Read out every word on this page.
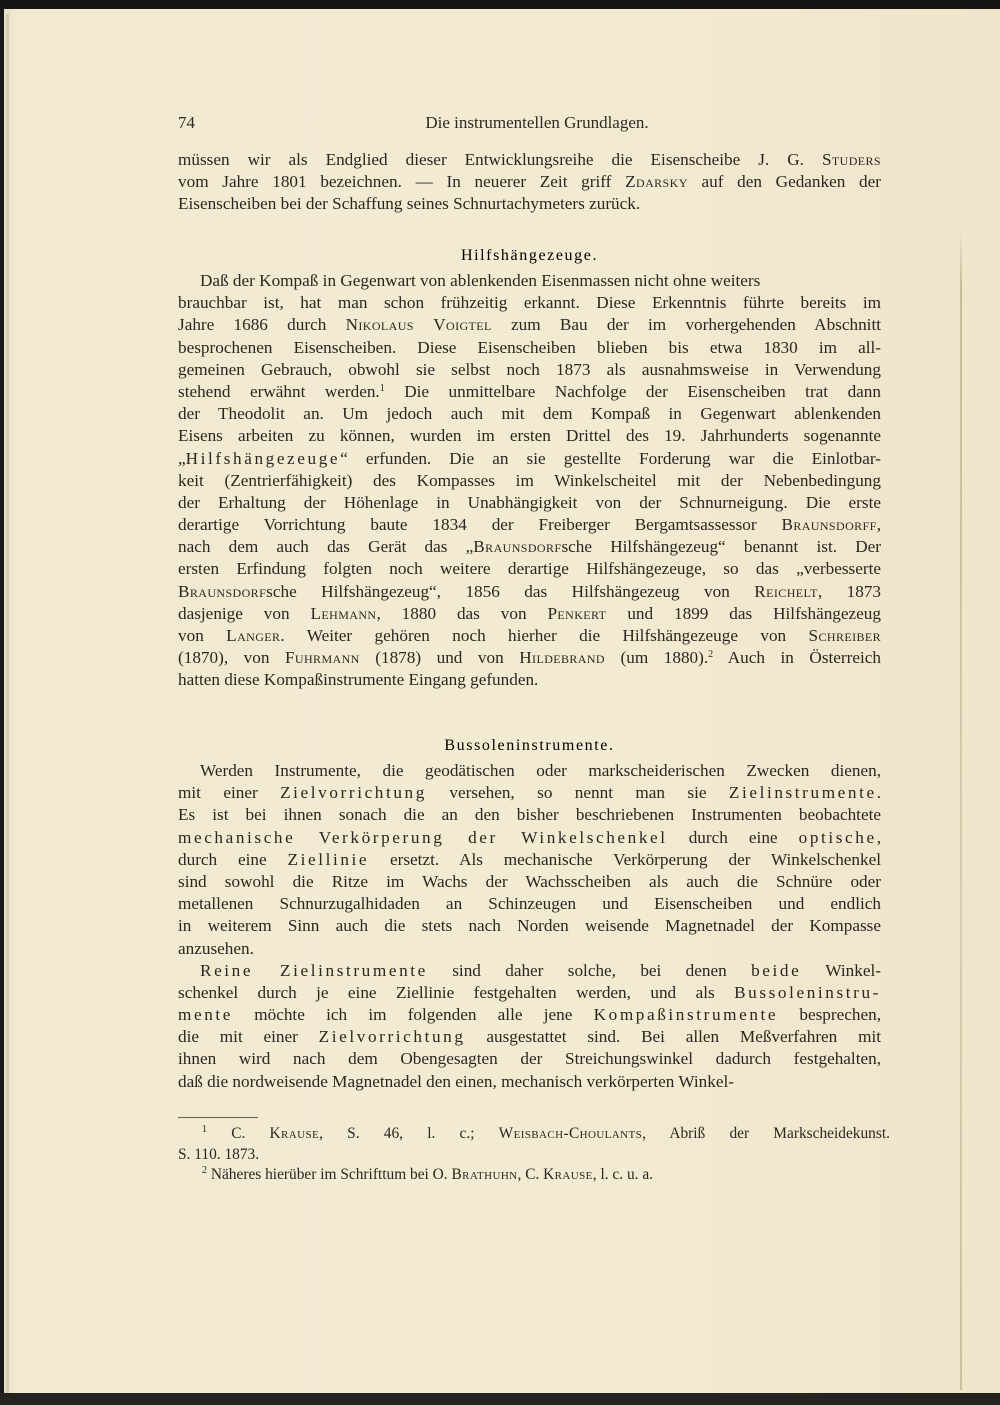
74	Die instrumentellen Grundlagen.
müssen wir als Endglied dieser Entwicklungsreihe die Eisenscheibe J. G. Studers
vom Jahre 1801 bezeichnen. — In neuerer Zeit griff Zdarsky auf den Gedanken der
Eisenscheiben bei der Schaffung seines Schnurtachymeters zurück.
Hilfshängezeuge.
Daß der Kompaß in Gegenwart von ablenkenden Eisenmassen nicht ohne weiters
brauchbar ist, hat man schon frühzeitig erkannt. Diese Erkenntnis führte bereits im
Jahre 1686 durch Nikolaus Voigtel zum Bau der im vorhergehenden Abschnitt
besprochenen Eisenscheiben. Diese Eisenscheiben blieben bis etwa 1830 im all-
gemeinen Gebrauch, obwohl sie selbst noch 1873 als ausnahmsweise in Verwendung
stehend erwähnt werden.$^1$ Die unmittelbare Nachfolge der Eisenscheiben trat dann
der Theodolit an. Um jedoch auch mit dem Kompaß in Gegenwart ablenkenden
Eisens arbeiten zu können, wurden im ersten Drittel des 19. Jahrhunderts sogenannte
„Hilfshängezeuge“ erfunden. Die an sie gestellte Forderung war die Einlotbar-
keit (Zentrierfähigkeit) des Kompasses im Winkelscheitel mit der Nebenbedingung
der Erhaltung der Höhenlage in Unabhängigkeit von der Schnurneigung. Die erste
derartige Vorrichtung baute 1834 der Freiberger Bergamtsassessor Braunsdorff,
nach dem auch das Gerät das „Braunsdorfsche Hilfshängezeug“ benannt ist. Der
ersten Erfindung folgten noch weitere derartige Hilfshängezeuge, so das „verbesserte
Braunsdorfsche Hilfshängezeug“, 1856 das Hilfshängezeug von Reichelt, 1873
dasjenige von Lehmann, 1880 das von Penkert und 1899 das Hilfshängezeug
von Langer. Weiter gehören noch hierher die Hilfshängezeuge von Schreiber
(1870), von Fuhrmann (1878) und von Hildebrand (um 1880).$^2$ Auch in Österreich
hatten diese Kompaßinstrumente Eingang gefunden.
Bussoleninstrumente.
Werden Instrumente, die geodätischen oder markscheiderischen Zwecken dienen,
mit einer Zielvorrichtung versehen, so nennt man sie Zielinstrumente.
Es ist bei ihnen sonach die an den bisher beschriebenen Instrumenten beobachtete
mechanische Verkörperung der Winkelschenkel durch eine optische,
durch eine Ziellinie ersetzt. Als mechanische Verkörperung der Winkelschenkel
sind sowohl die Ritze im Wachs der Wachsscheiben als auch die Schnüre oder
metallenen Schnurzugalhidaden an Schinzeugen und Eisenscheiben und endlich
in weiterem Sinn auch die stets nach Norden weisende Magnetnadel der Kompasse
anzusehen.
Reine Zielinstrumente sind daher solche, bei denen beide Winkel-
schenkel durch je eine Ziellinie festgehalten werden, und als Bussoleninstru-
mente möchte ich im folgenden alle jene Kompaßinstrumente besprechen,
die mit einer Zielvorrichtung ausgestattet sind. Bei allen Meßverfahren mit
ihnen wird nach dem Obengesagten der Streichungswinkel dadurch festgehalten,
daß die nordweisende Magnetnadel den einen, mechanisch verkörperten Winkel-
$^1$ C. Krause, S. 46, l. c.; Weisbach-Choulants, Abriß der Markscheidekunst.
S. 110. 1873.
$^2$ Näheres hierüber im Schrifttum bei O. Brathuhn, C. Krause, l. c. u. a.
